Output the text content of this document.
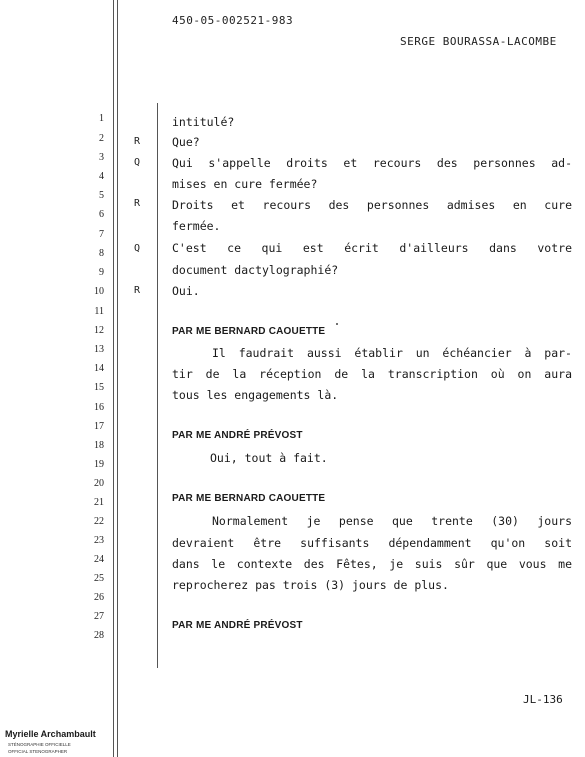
450-05-002521-983
SERGE BOURASSA-LACOMBE
1
2
3
4
5
6
7
8
9
10
11
12
13
14
15
16
17
18
19
20
21
22
23
24
25
26
27
28
R
Q
R
Q
R
intitulé?
Que?
Qui s'appelle droits et recours des personnes ad-
mises en cure fermée?
Droits et recours des personnes admises en cure
fermée.
C'est ce qui est écrit d'ailleurs dans votre
document dactylographié?
Oui.
PAR ME BERNARD CAOUETTE
Il faudrait aussi établir un échéancier à par-
tir de la réception de la transcription où on aura
tous les engagements là.
PAR ME ANDRÉ PRÉVOST
Oui, tout à fait.
PAR ME BERNARD CAOUETTE
Normalement je pense que trente (30) jours
devraient être suffisants dépendamment qu'on soit
dans le contexte des Fêtes, je suis sûr que vous me
reprocherez pas trois (3) jours de plus.
PAR ME ANDRÉ PRÉVOST
JL-136
Myrielle Archambault
STÉNOGRAPHIE OFFICIELLE
OFFICIAL STENOGRAPHER
